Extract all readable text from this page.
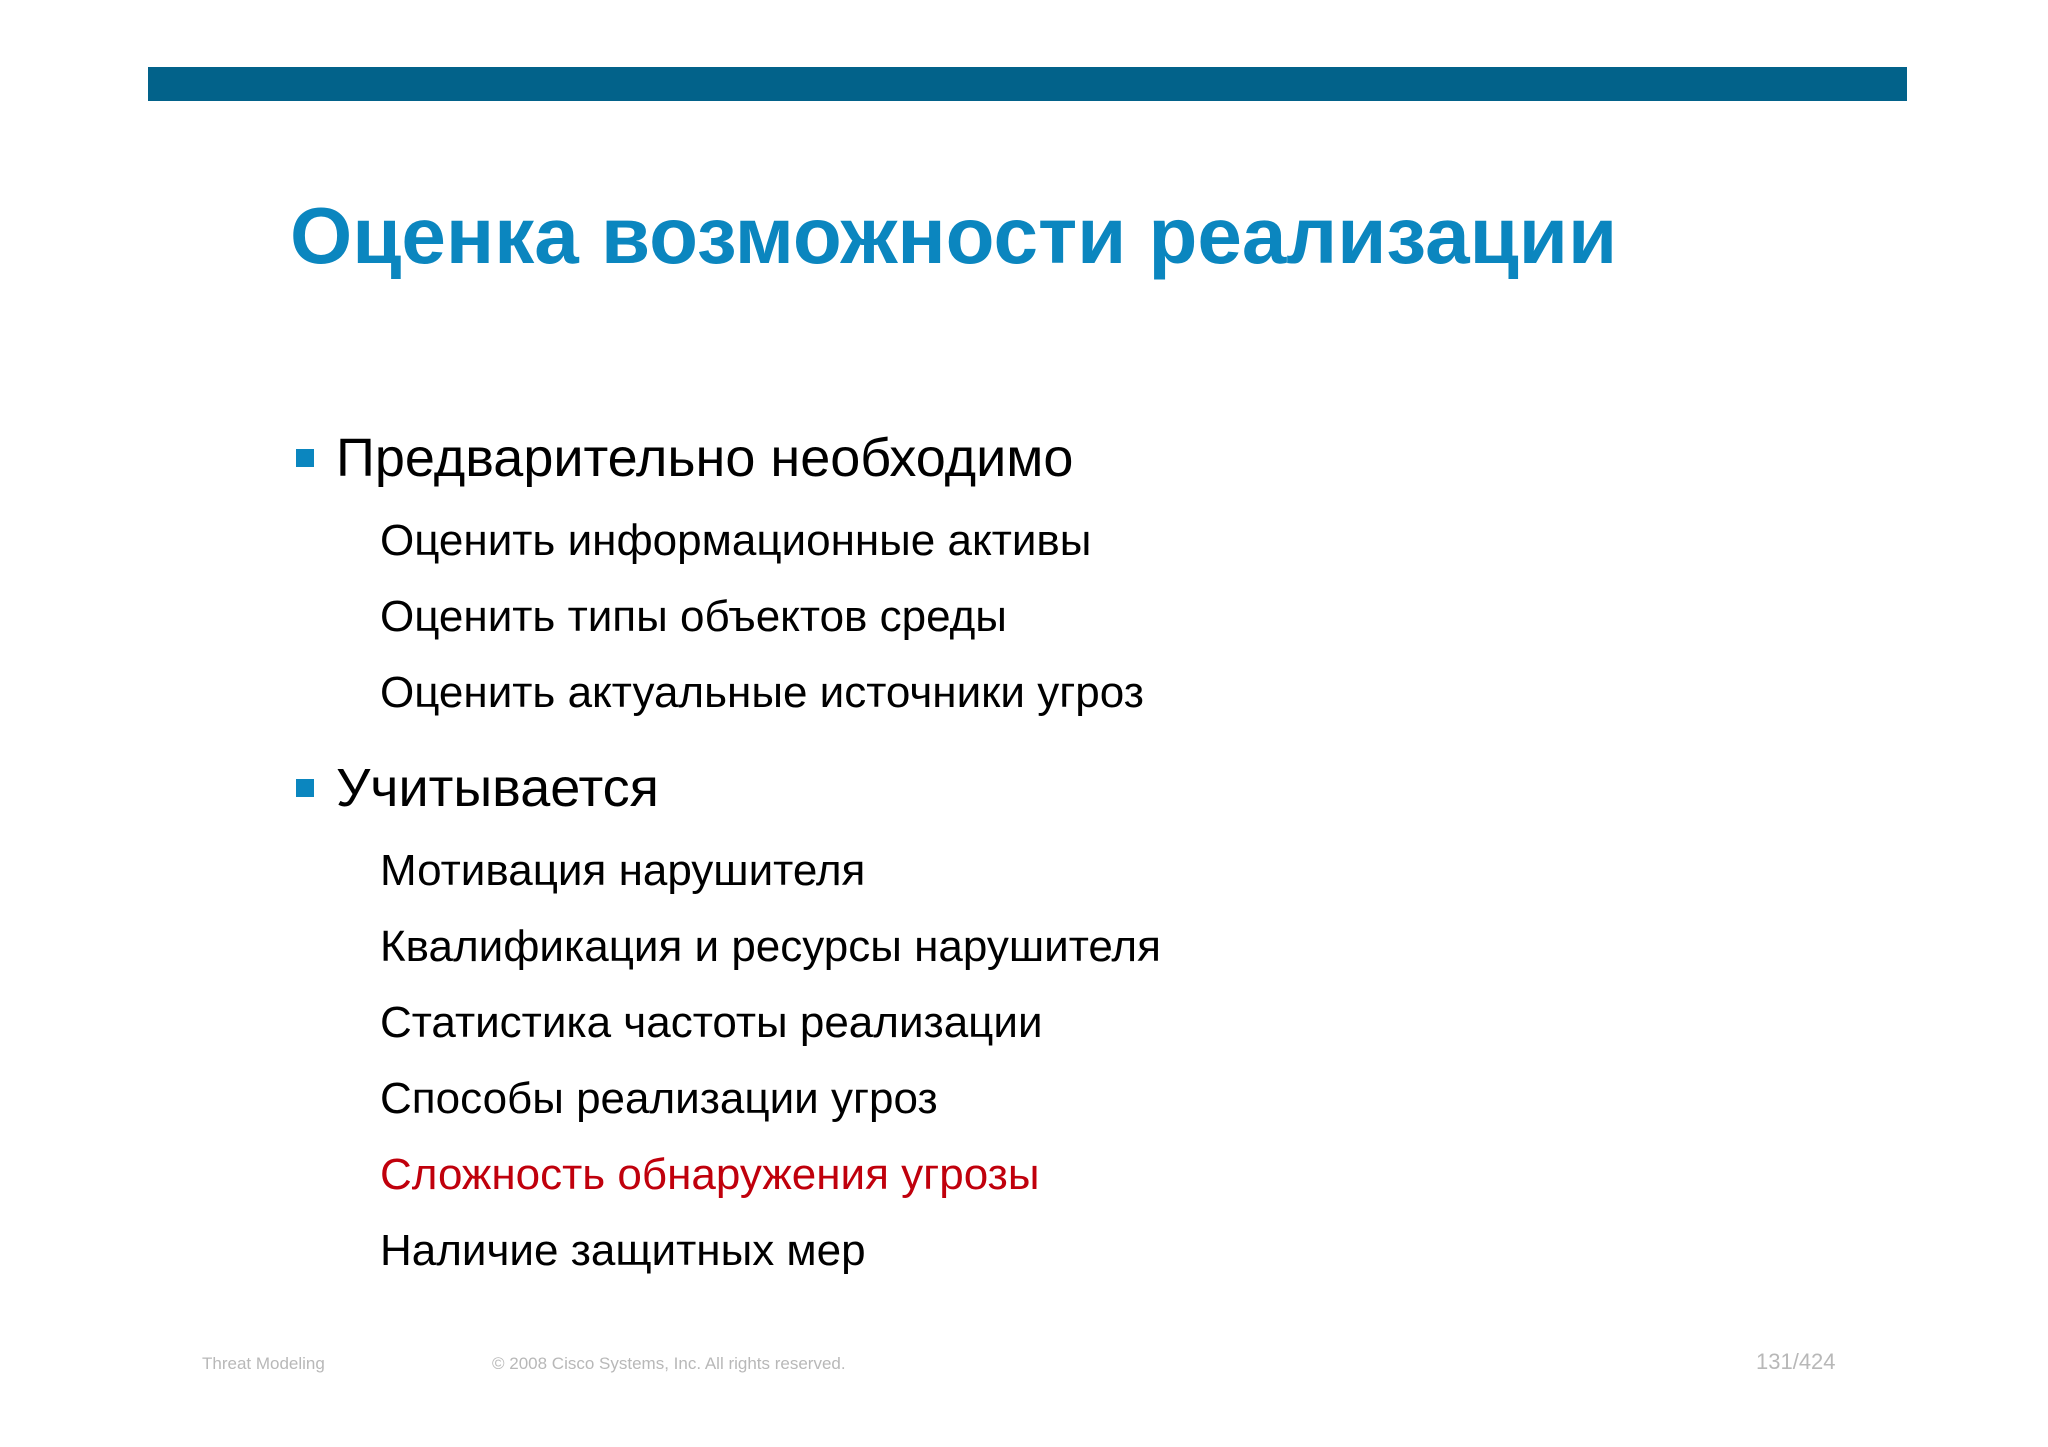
Оценка возможности реализации
Предварительно необходимо
Оценить информационные активы
Оценить типы объектов среды
Оценить актуальные источники угроз
Учитывается
Мотивация нарушителя
Квалификация и ресурсы нарушителя
Статистика частоты реализации
Способы реализации угроз
Сложность обнаружения угрозы
Наличие защитных мер
Threat Modeling	© 2008 Cisco Systems, Inc. All rights reserved.	131/424
